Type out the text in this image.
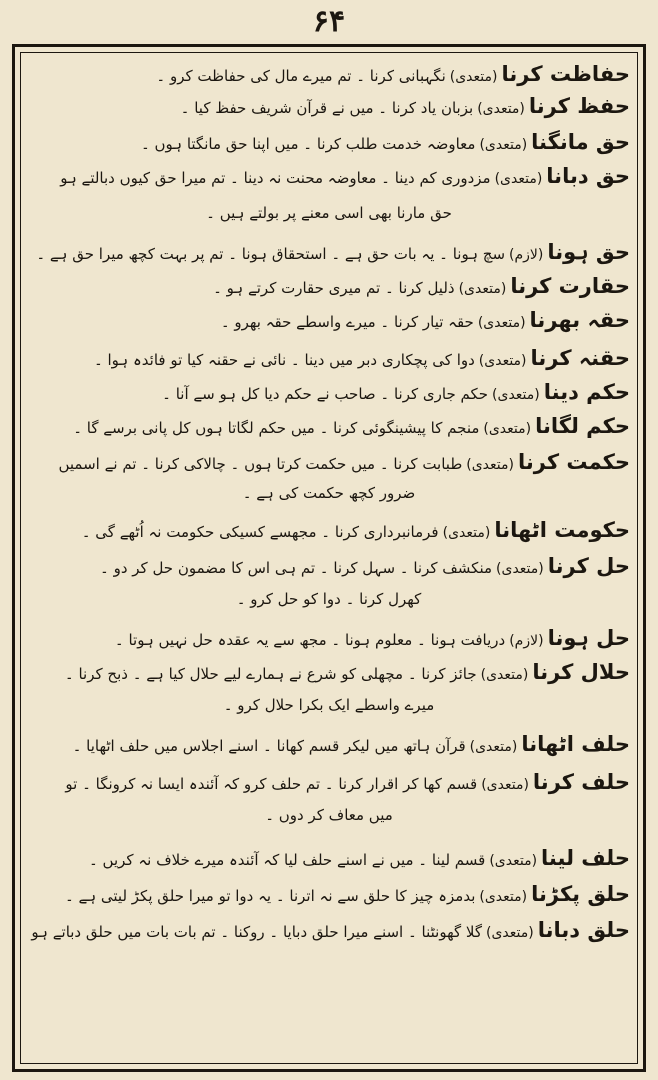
۶۴
حفاظت کرنا
(متعدی)
نگہبانی کرنا ۔ تم میرے مال کی حفاظت کرو ۔
حفظ کرنا
(متعدی)
بزبان یاد کرنا ۔ میں نے قرآن شریف حفظ کیا ۔
حق مانگنا
(متعدی)
معاوضہ خدمت طلب کرنا ۔ میں اپنا حق مانگتا ہوں ۔
حق دبانا
(متعدی)
مزدوری کم دینا ۔ معاوضہ محنت نہ دینا ۔ تم میرا حق کیوں دبالتے ہو
حق مارنا بھی اسی معنے پر بولتے ہیں ۔
حق ہونا
(لازم)
سچ ہونا ۔ یہ بات حق ہے ۔ استحقاق ہونا ۔ تم پر بہت کچھ میرا حق ہے ۔
حقارت کرنا
(متعدی)
ذلیل کرنا ۔ تم میری حقارت کرتے ہو ۔
حقہ بھرنا
(متعدی)
حقہ تیار کرنا ۔ میرے واسطے حقہ بھرو ۔
حقنہ کرنا
(متعدی)
دوا کی پچکاری دبر میں دینا ۔ نائی نے حقنہ کیا تو فائدہ ہوا ۔
حکم دینا
(متعدی)
حکم جاری کرنا ۔ صاحب نے حکم دیا کل ہو سے آنا ۔
حکم لگانا
(متعدی)
منجم کا پیشینگوئی کرنا ۔ میں حکم لگاتا ہوں کل پانی برسے گا ۔
حکمت کرنا
(متعدی)
طبابت کرنا ۔ میں حکمت کرتا ہوں ۔ چالاکی کرنا ۔ تم نے اسمیں
ضرور کچھ حکمت کی ہے ۔
حکومت اٹھانا
(متعدی)
فرمانبرداری کرنا ۔ مجھسے کسیکی حکومت نہ اُٹھے گی ۔
حل کرنا
(متعدی)
منکشف کرنا ۔ سہل کرنا ۔ تم ہی اس کا مضمون حل کر دو ۔
کھرل کرنا ۔ دوا کو حل کرو ۔
حل ہونا
(لازم)
دریافت ہونا ۔ معلوم ہونا ۔ مجھ سے یہ عقدہ حل نہیں ہوتا ۔
حلال کرنا
(متعدی)
جائز کرنا ۔ مچھلی کو شرع نے ہمارے لیے حلال کیا ہے ۔ ذبح کرنا ۔
میرے واسطے ایک بکرا حلال کرو ۔
حلف اٹھانا
(متعدی)
قرآن ہاتھ میں لیکر قسم کھانا ۔ اسنے اجلاس میں حلف اٹھایا ۔
حلف کرنا
(متعدی)
قسم کھا کر اقرار کرنا ۔ تم حلف کرو کہ آئندہ ایسا نہ کرونگا ۔ تو
میں معاف کر دوں ۔
حلف لینا
(متعدی)
قسم لینا ۔ میں نے اسنے حلف لیا کہ آئندہ میرے خلاف نہ کریں ۔
حلق پکڑنا
(متعدی)
بدمزہ چیز کا حلق سے نہ اترنا ۔ یہ دوا تو میرا حلق پکڑ لیتی ہے ۔
حلق دبانا
(متعدی)
گلا گھونٹنا ۔ اسنے میرا حلق دبایا ۔ روکنا ۔ تم بات بات میں حلق دباتے ہو
